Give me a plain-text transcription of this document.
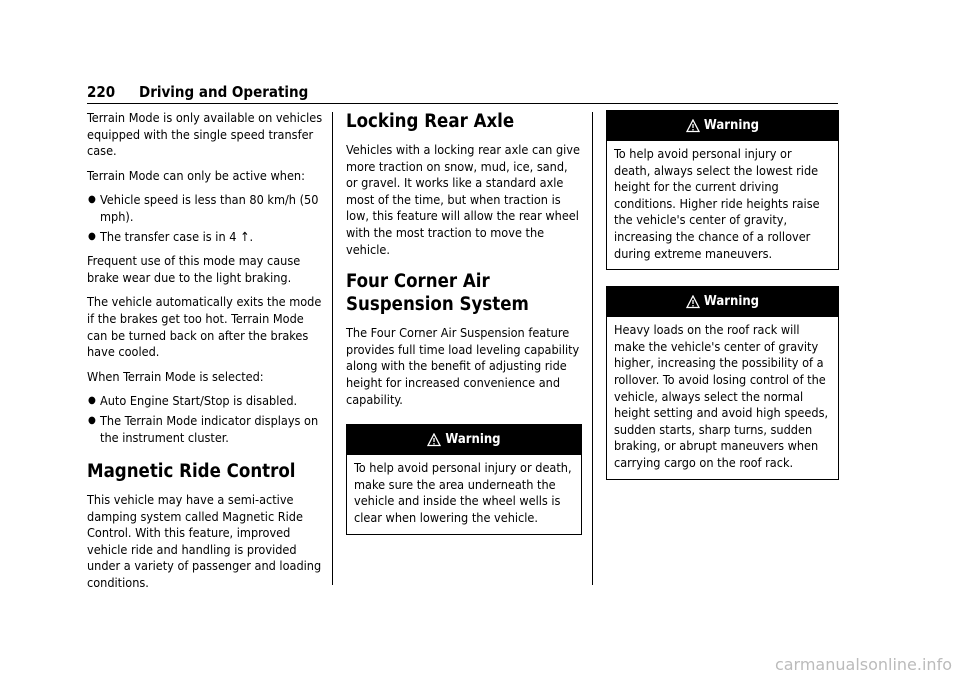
220 Driving and Operating

Terrain Mode is only available on vehicles equipped with the single speed transfer case.

Terrain Mode can only be active when:

● Vehicle speed is less than 80 km/h (50 mph).
● The transfer case is in 4 ↑.

Frequent use of this mode may cause brake wear due to the light braking.

The vehicle automatically exits the mode if the brakes get too hot. Terrain Mode can be turned back on after the brakes have cooled.

When Terrain Mode is selected:

● Auto Engine Start/Stop is disabled.
● The Terrain Mode indicator displays on the instrument cluster.
Magnetic Ride Control

This vehicle may have a semi-active damping system called Magnetic Ride Control. With this feature, improved vehicle ride and handling is provided under a variety of passenger and loading conditions.

Locking Rear Axle

Vehicles with a locking rear axle can give more traction on snow, mud, ice, sand, or gravel. It works like a standard axle most of the time, but when traction is low, this feature will allow the rear wheel with the most traction to move the vehicle.

Four Corner Air Suspension System

The Four Corner Air Suspension feature provides full time load leveling capability along with the benefit of adjusting ride height for increased convenience and capability.

Warning
To help avoid personal injury or death, make sure the area underneath the vehicle and inside the wheel wells is clear when lowering the vehicle.
Warning
To help avoid personal injury or death, always select the lowest ride height for the current driving conditions. Higher ride heights raise the vehicle's center of gravity, increasing the chance of a rollover during extreme maneuvers.
Warning
Heavy loads on the roof rack will make the vehicle's center of gravity higher, increasing the possibility of a rollover. To avoid losing control of the vehicle, always select the normal height setting and avoid high speeds, sudden starts, sharp turns, sudden braking, or abrupt maneuvers when carrying cargo on the roof rack.
carmanualsonline.info
